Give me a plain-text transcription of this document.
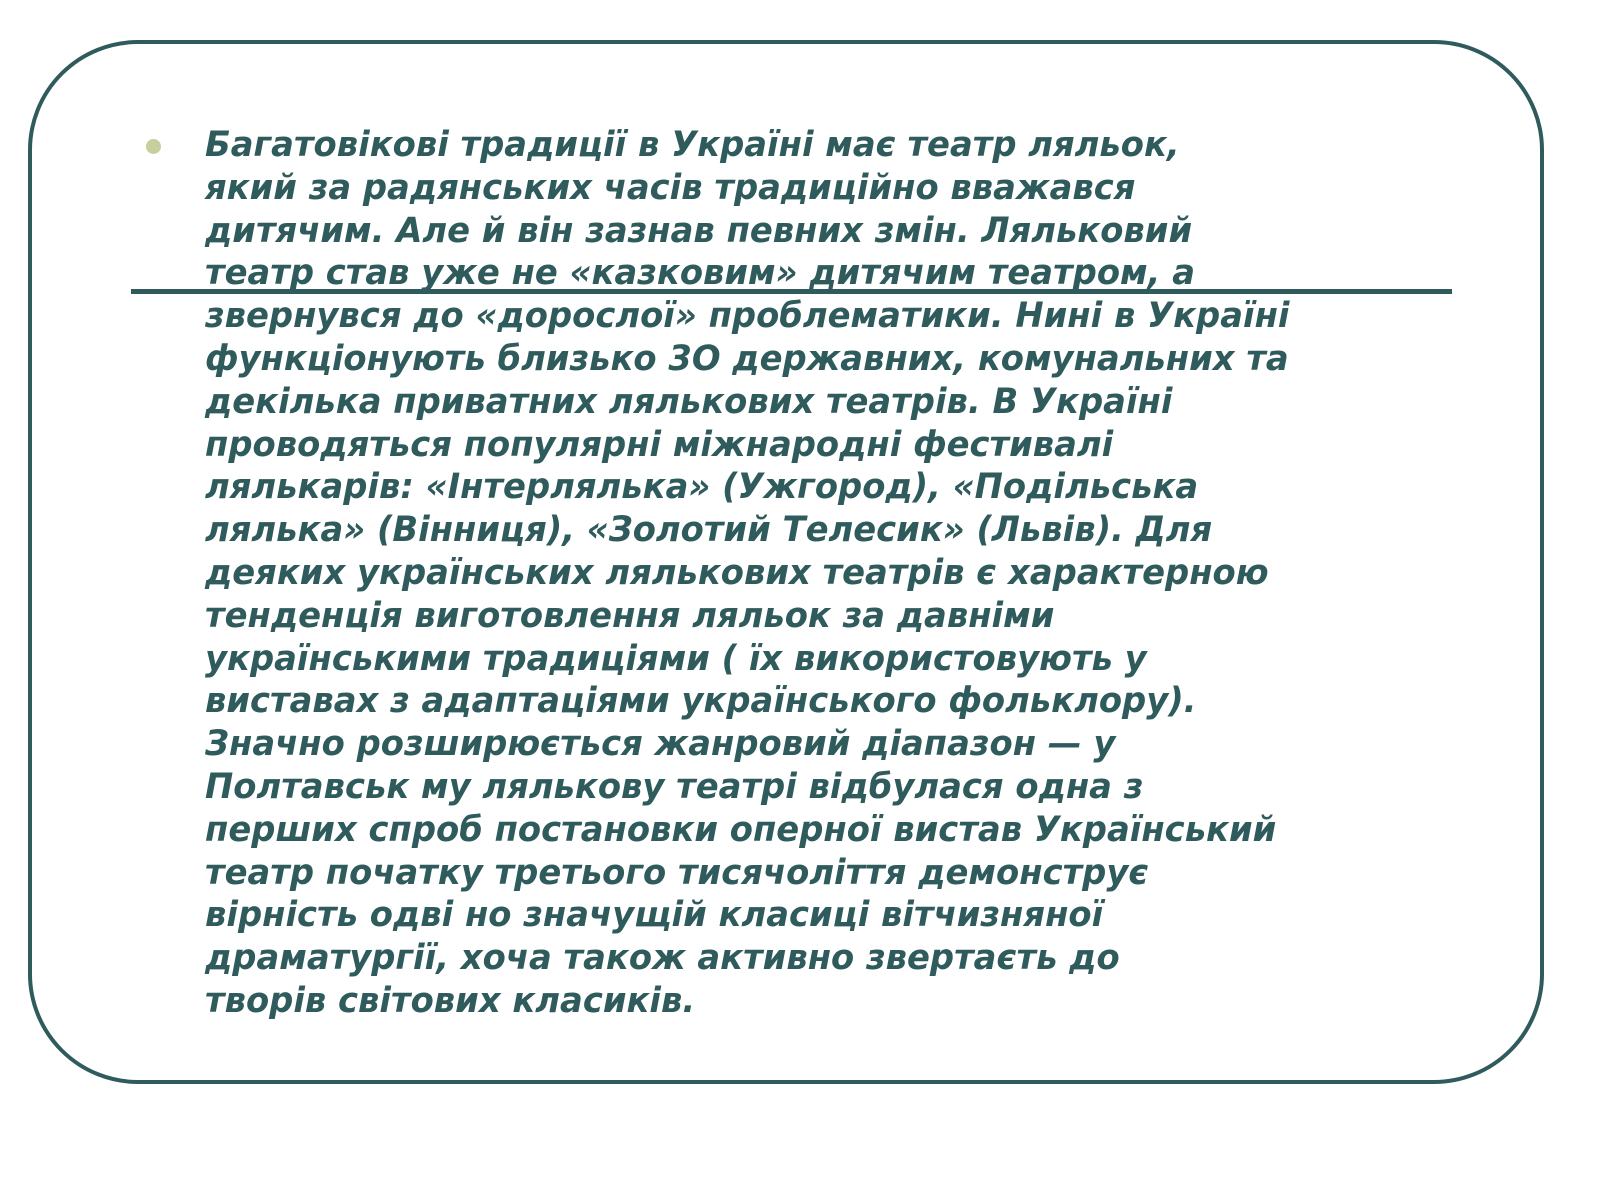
Багатовікові традиції в Україні має театр ляльок,
який за радянських часів традиційно вважався
дитячим. Але й він зазнав певних змін. Ляльковий
театр став уже не «казковим» дитячим театром, а
звернувся до «дорослої» проблематики. Нині в Україні
функціонують близько 3О державних, комунальних та
декілька приватних лялькових театрів. В Україні
проводяться популярні міжнародні фестивалі
лялькарів: «Інтерлялька» (Ужгород), «Подільська
лялька» (Вінниця), «Золотий Телесик» (Львів). Для
деяких українських лялькових театрів є характерною
тенденція виготовлення ляльок за давніми
українськими традиціями ( їх використовують у
виставах з адаптаціями українського фольклору).
Значно розширюється жанровий діапазон — у
Полтавськ му лялькову театрі відбулася одна з
перших спроб постановки оперної вистав Український
театр початку третього тисячоліття демонструє
вірність одві но значущій класиці вітчизняної
драматургії, хоча також активно звертаєть до
творів світових класиків.
